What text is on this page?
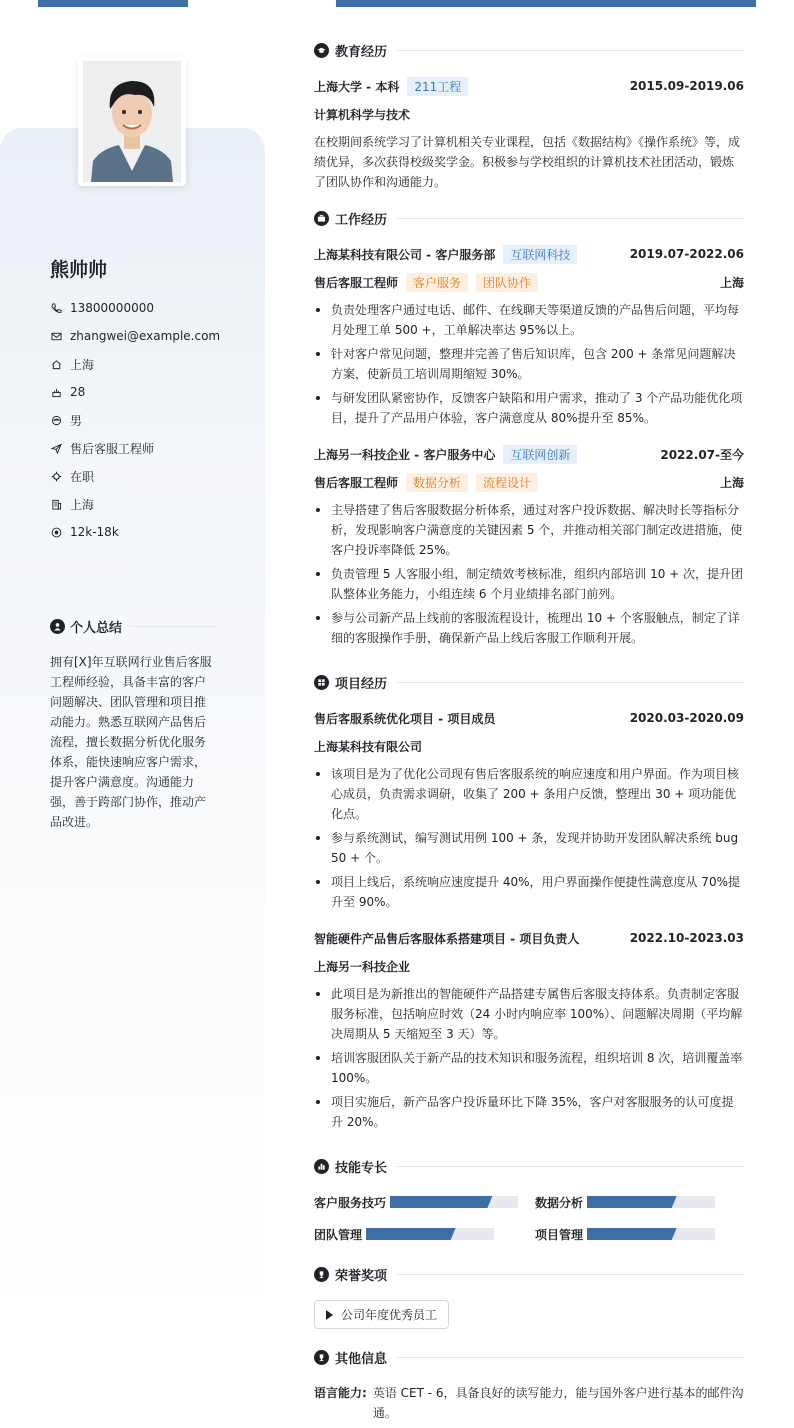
熊帅帅
13800000000
zhangwei@example.com
上海
28
男
售后客服工程师
在职
上海
12k-18k
个人总结
拥有[X]年互联网行业售后客服工程师经验，具备丰富的客户问题解决、团队管理和项目推动能力。熟悉互联网产品售后流程，擅长数据分析优化服务体系，能快速响应客户需求，提升客户满意度。沟通能力强，善于跨部门协作，推动产品改进。
教育经历
上海大学 - 本科	211工程	2015.09-2019.06
计算机科学与技术
在校期间系统学习了计算机相关专业课程，包括《数据结构》《操作系统》等，成绩优异，多次获得校级奖学金。积极参与学校组织的计算机技术社团活动，锻炼了团队协作和沟通能力。
工作经历
上海某科技有限公司 - 客户服务部	互联网科技	2019.07-2022.06
售后客服工程师	客户服务	团队协作	上海
负责处理客户通过电话、邮件、在线聊天等渠道反馈的产品售后问题，平均每月处理工单 500 +，工单解决率达 95%以上。
针对客户常见问题，整理并完善了售后知识库，包含 200 + 条常见问题解决方案，使新员工培训周期缩短 30%。
与研发团队紧密协作，反馈客户缺陷和用户需求，推动了 3 个产品功能优化项目，提升了产品用户体验，客户满意度从 80%提升至 85%。
上海另一科技企业 - 客户服务中心	互联网创新	2022.07-至今
售后客服工程师	数据分析	流程设计	上海
主导搭建了售后客服数据分析体系，通过对客户投诉数据、解决时长等指标分析，发现影响客户满意度的关键因素 5 个，并推动相关部门制定改进措施，使客户投诉率降低 25%。
负责管理 5 人客服小组，制定绩效考核标准，组织内部培训 10 + 次，提升团队整体业务能力，小组连续 6 个月业绩排名部门前列。
参与公司新产品上线前的客服流程设计，梳理出 10 + 个客服触点，制定了详细的客服操作手册，确保新产品上线后客服工作顺利开展。
项目经历
售后客服系统优化项目 - 项目成员	2020.03-2020.09
上海某科技有限公司
该项目是为了优化公司现有售后客服系统的响应速度和用户界面。作为项目核心成员，负责需求调研，收集了 200 + 条用户反馈，整理出 30 + 项功能优化点。
参与系统测试，编写测试用例 100 + 条，发现并协助开发团队解决系统 bug 50 + 个。
项目上线后，系统响应速度提升 40%，用户界面操作便捷性满意度从 70%提升至 90%。
智能硬件产品售后客服体系搭建项目 - 项目负责人	2022.10-2023.03
上海另一科技企业
此项目是为新推出的智能硬件产品搭建专属售后客服支持体系。负责制定客服服务标准，包括响应时效（24 小时内响应率 100%）、问题解决周期（平均解决周期从 5 天缩短至 3 天）等。
培训客服团队关于新产品的技术知识和服务流程，组织培训 8 次，培训覆盖率 100%。
项目实施后，新产品客户投诉量环比下降 35%，客户对客服服务的认可度提升 20%。
技能专长
客户服务技巧	数据分析
团队管理	项目管理
荣誉奖项
公司年度优秀员工
其他信息
语言能力: 英语 CET - 6，具备良好的读写能力，能与国外客户进行基本的邮件沟通。
